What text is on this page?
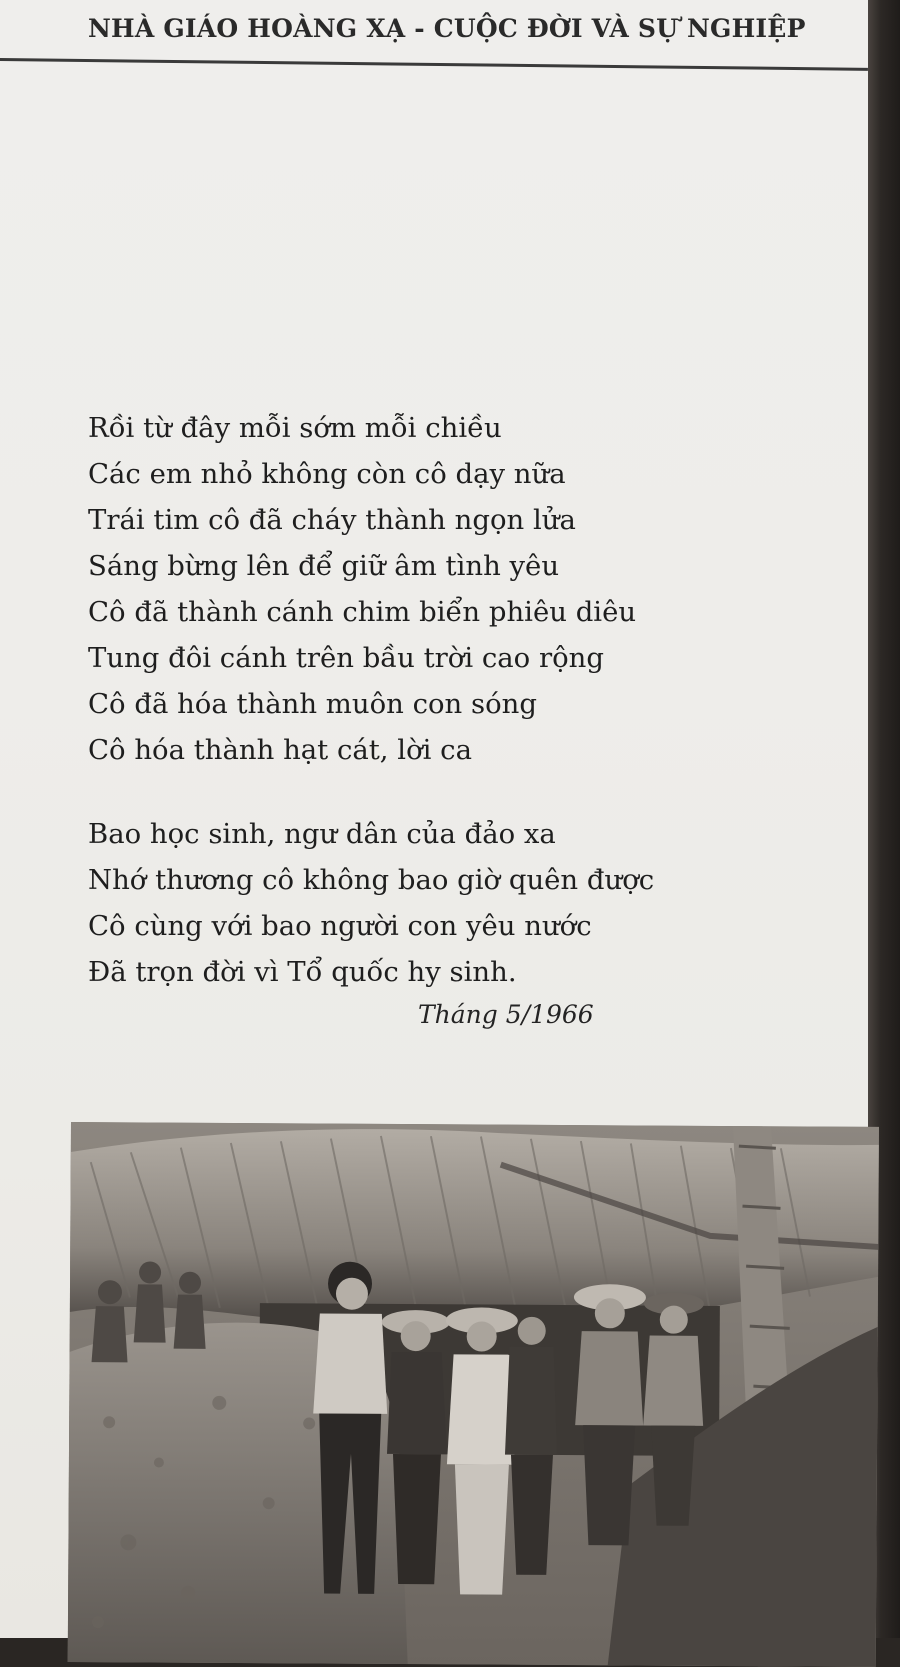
NHÀ GIÁO HOÀNG XẠ - CUỘC ĐỜI VÀ SỰ NGHIỆP
Rồi từ đây mỗi sớm mỗi chiều
Các em nhỏ không còn cô dạy nữa
Trái tim cô đã cháy thành ngọn lửa
Sáng bừng lên để giữ âm tình yêu
Cô đã thành cánh chim biển phiêu diêu
Tung đôi cánh trên bầu trời cao rộng
Cô đã hóa thành muôn con sóng
Cô hóa thành hạt cát, lời ca
Bao học sinh, ngư dân của đảo xa
Nhớ thương cô không bao giờ quên được
Cô cùng với bao người con yêu nước
Đã trọn đời vì Tổ quốc hy sinh.
Tháng 5/1966
